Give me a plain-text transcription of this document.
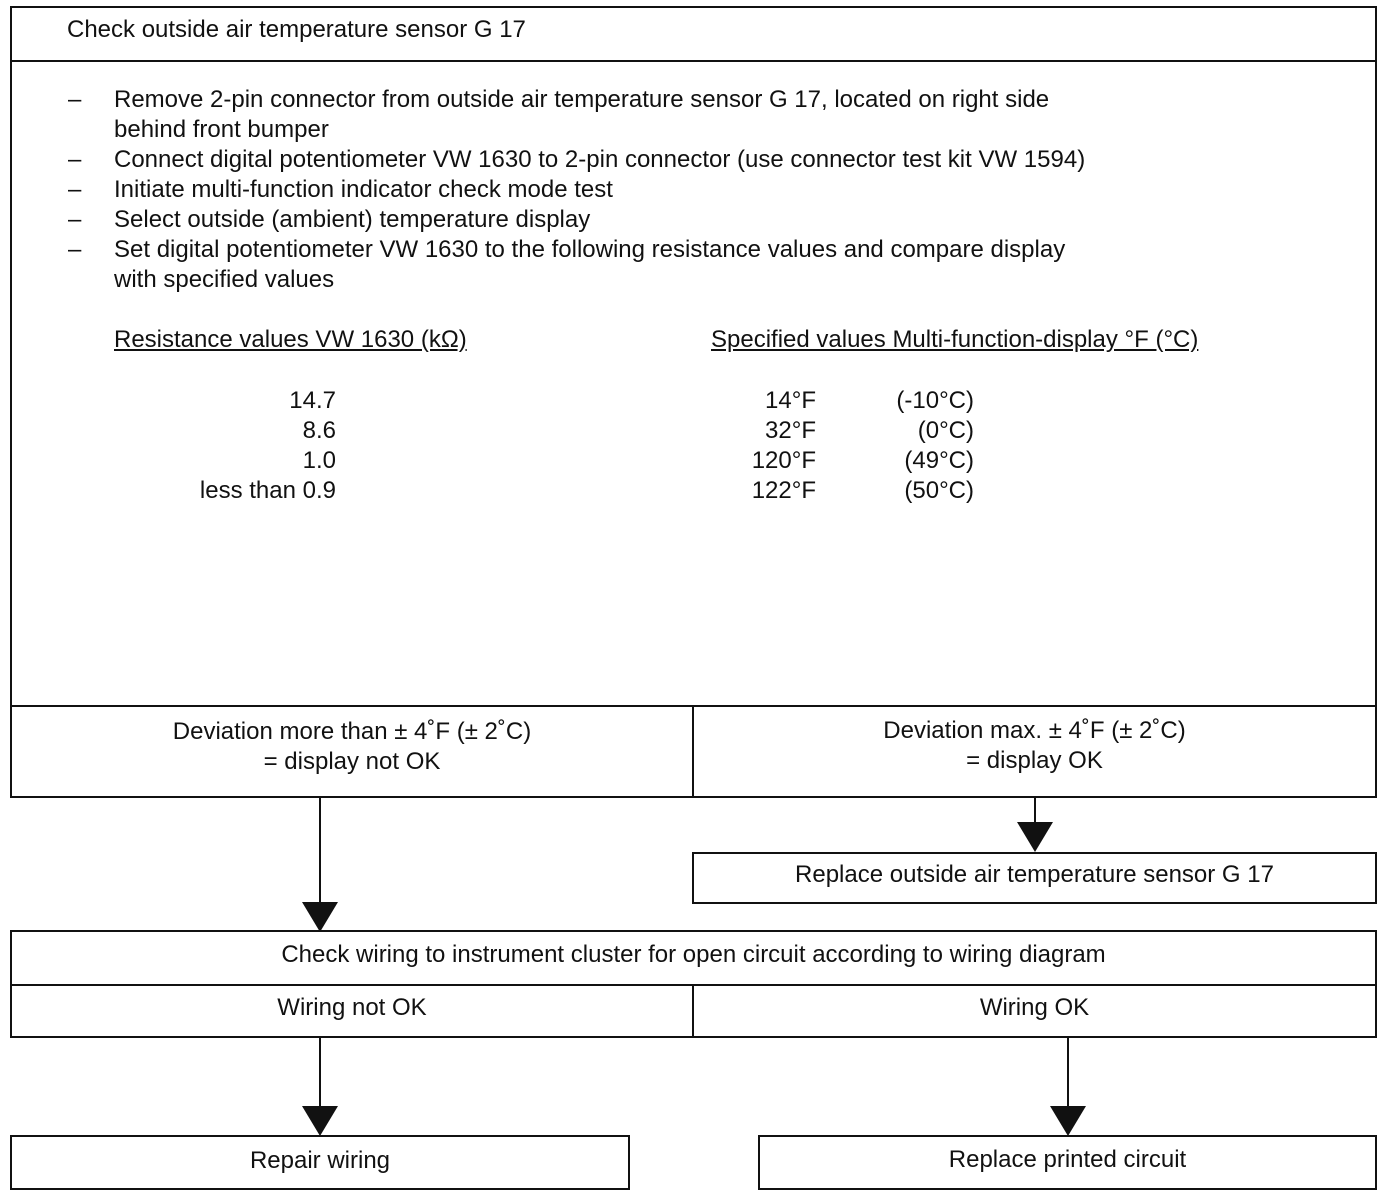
Check outside air temperature sensor G 17
– Remove 2-pin connector from outside air temperature sensor G 17, located on right side
behind front bumper
– Connect digital potentiometer VW 1630 to 2-pin connector (use connector test kit VW 1594)
– Initiate multi-function indicator check mode test
– Select outside (ambient) temperature display
– Set digital potentiometer VW 1630 to the following resistance values and compare display
with specified values
Resistance values VW 1630 (kΩ)	Specified values Multi-function-display °F (°C)
14.7	14°F	(-10°C)
8.6	32°F	(0°C)
1.0	120°F	(49°C)
less than 0.9	122°F	(50°C)
Deviation more than ± 4˚F (± 2˚C)
= display not OK
Deviation max. ± 4˚F (± 2˚C)
= display OK
Replace outside air temperature sensor G 17
Check wiring to instrument cluster for open circuit according to wiring diagram
Wiring not OK	Wiring OK
Repair wiring	Replace printed circuit
